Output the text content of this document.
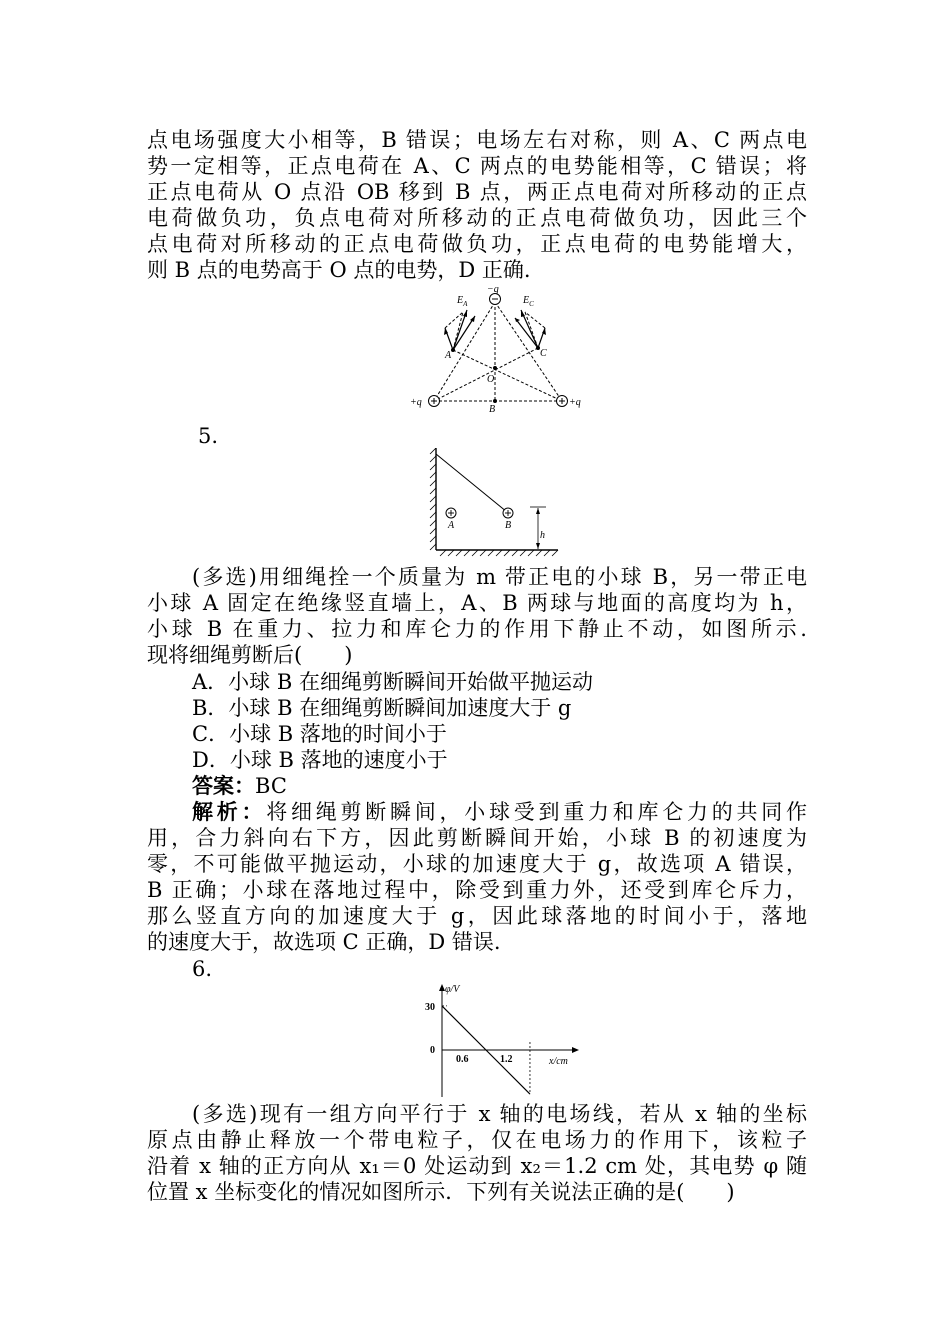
点电场强度大小相等，B 错误；电场左右对称，则 A、C 两点电
势一定相等，正点电荷在 A、C 两点的电势能相等，C 错误；将
正点电荷从 O 点沿 OB 移到 B 点，两正点电荷对所移动的正点
电荷做负功，负点电荷对所移动的正点电荷做负功，因此三个
点电荷对所移动的正点电荷做负功，正点电荷的电势能增大，
则 B 点的电势高于 O 点的电势，D 正确.
−q
$E_A$	$E_C$
A	C
O
B
+q	+q
5.
A	B
h
(多选)用细绳拴一个质量为 m 带正电的小球 B，另一带正电
小球 A 固定在绝缘竖直墙上，A、B 两球与地面的高度均为 h，
小球 B 在重力、拉力和库仑力的作用下静止不动，如图所示.
现将细绳剪断后(　　)
A．小球 B 在细绳剪断瞬间开始做平抛运动
B．小球 B 在细绳剪断瞬间加速度大于 g
C．小球 B 落地的时间小于
D．小球 B 落地的速度小于
答案：BC
解析：将细绳剪断瞬间，小球受到重力和库仑力的共同作
用，合力斜向右下方，因此剪断瞬间开始，小球 B 的初速度为
零，不可能做平抛运动，小球的加速度大于 g，故选项 A 错误，
B 正确；小球在落地过程中，除受到重力外，还受到库仑斥力，
那么竖直方向的加速度大于 g，因此球落地的时间小于，落地
的速度大于，故选项 C 正确，D 错误.
6.
φ/V
x/cm
30
0
0.6	1.2
(多选)现有一组方向平行于 x 轴的电场线，若从 x 轴的坐标
原点由静止释放一个带电粒子，仅在电场力的作用下，该粒子
沿着 x 轴的正方向从 x₁＝0 处运动到 x₂＝1.2 cm 处，其电势 φ 随
位置 x 坐标变化的情况如图所示．下列有关说法正确的是(　　)
